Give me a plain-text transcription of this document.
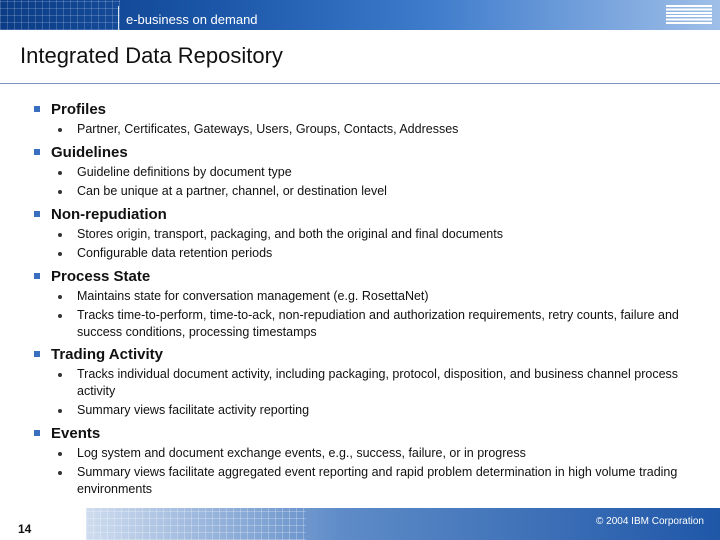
e-business on demand
Integrated Data Repository
Profiles
Partner, Certificates, Gateways, Users, Groups, Contacts, Addresses
Guidelines
Guideline definitions by document type
Can be unique at a partner, channel, or destination level
Non-repudiation
Stores origin, transport, packaging, and both the original and final documents
Configurable data retention periods
Process State
Maintains state for conversation management (e.g. RosettaNet)
Tracks time-to-perform, time-to-ack, non-repudiation and authorization requirements, retry counts, failure and success conditions, processing timestamps
Trading Activity
Tracks individual document activity, including packaging, protocol, disposition, and business channel process activity
Summary views facilitate activity reporting
Events
Log system and document exchange events, e.g., success, failure, or in progress
Summary views facilitate aggregated event reporting and rapid problem determination in high volume trading environments
14
© 2004 IBM Corporation
